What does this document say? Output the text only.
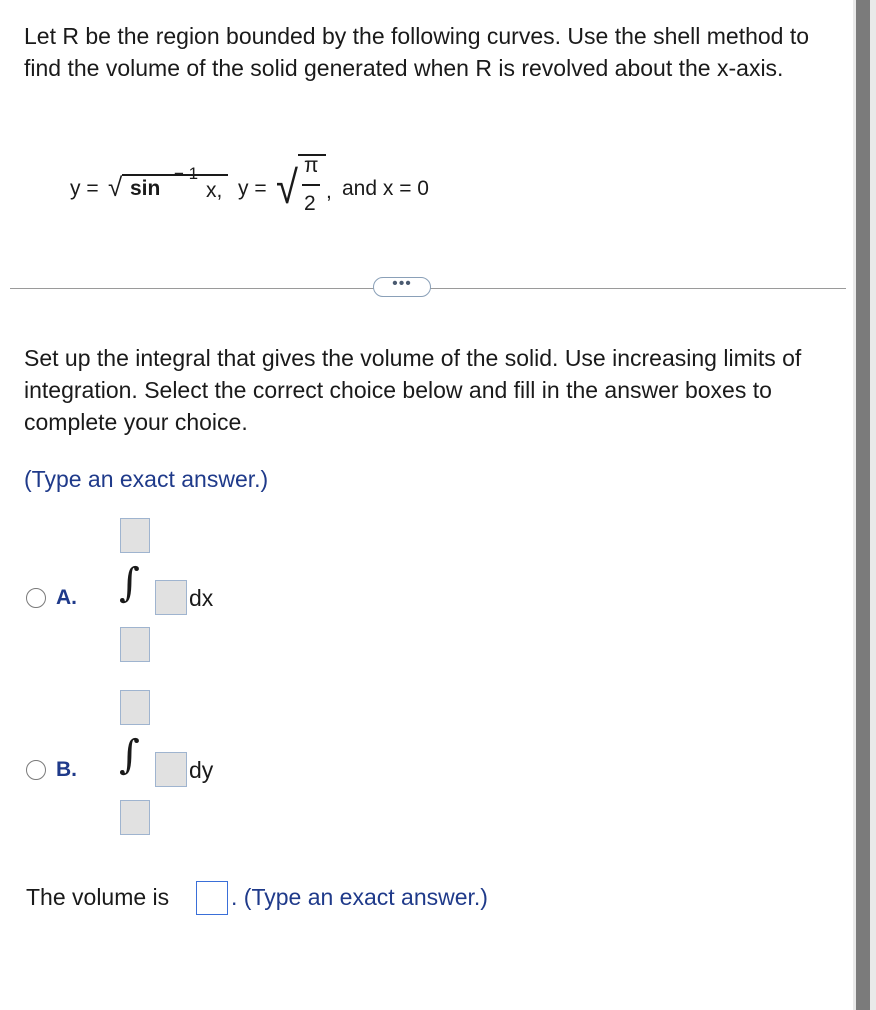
Let R be the region bounded by the following curves. Use the shell method to find the volume of the solid generated when R is revolved about the x-axis.
y = √ sin
− 1
x, y = √ π
2
, and x = 0
•••
Set up the integral that gives the volume of the solid. Use increasing limits of integration. Select the correct choice below and fill in the answer boxes to complete your choice.
(Type an exact answer.)
A. ∫ dx
B. ∫ dy
The volume is	. (Type an exact answer.)
